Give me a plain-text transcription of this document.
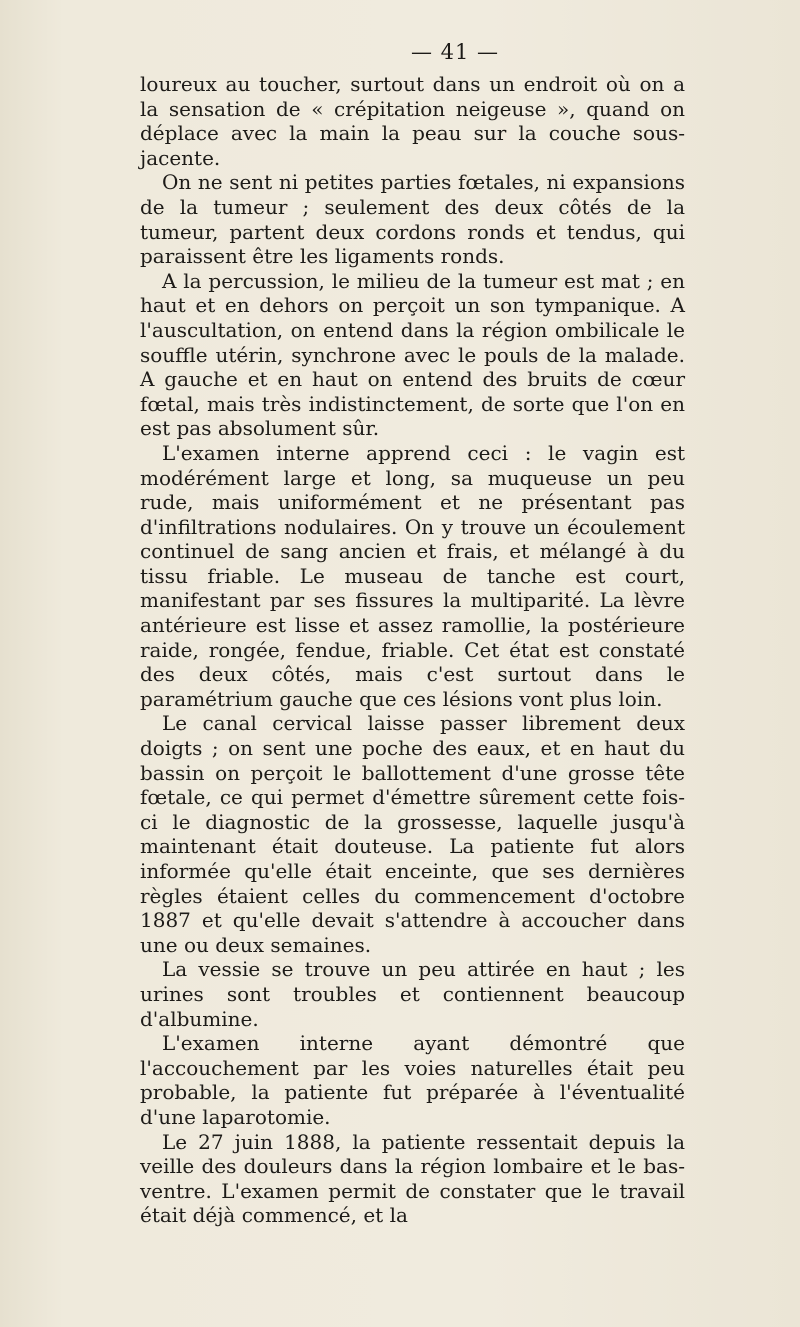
— 41 —

loureux au toucher, surtout dans un endroit où on a la sensation de « crépitation neigeuse », quand on déplace avec la main la peau sur la couche sous-jacente.

On ne sent ni petites parties fœtales, ni expansions de la tumeur ; seulement des deux côtés de la tumeur, partent deux cordons ronds et tendus, qui paraissent être les ligaments ronds.

A la percussion, le milieu de la tumeur est mat ; en haut et en dehors on perçoit un son tympanique. A l'auscultation, on entend dans la région ombilicale le souffle utérin, synchrone avec le pouls de la malade. A gauche et en haut on entend des bruits de cœur fœtal, mais très indistinctement, de sorte que l'on en est pas absolument sûr.

L'examen interne apprend ceci : le vagin est modérément large et long, sa muqueuse un peu rude, mais uniformément et ne présentant pas d'infiltrations nodulaires. On y trouve un écoulement continuel de sang ancien et frais, et mélangé à du tissu friable. Le museau de tanche est court, manifestant par ses fissures la multiparité. La lèvre antérieure est lisse et assez ramollie, la postérieure raide, rongée, fendue, friable. Cet état est constaté des deux côtés, mais c'est surtout dans le paramétrium gauche que ces lésions vont plus loin.

Le canal cervical laisse passer librement deux doigts ; on sent une poche des eaux, et en haut du bassin on perçoit le ballottement d'une grosse tête fœtale, ce qui permet d'émettre sûrement cette fois-ci le diagnostic de la grossesse, laquelle jusqu'à maintenant était douteuse. La patiente fut alors informée qu'elle était enceinte, que ses dernières règles étaient celles du commencement d'octobre 1887 et qu'elle devait s'attendre à accoucher dans une ou deux semaines.

La vessie se trouve un peu attirée en haut ; les urines sont troubles et contiennent beaucoup d'albumine.

L'examen interne ayant démontré que l'accouchement par les voies naturelles était peu probable, la patiente fut préparée à l'éventualité d'une laparotomie.

Le 27 juin 1888, la patiente ressentait depuis la veille des douleurs dans la région lombaire et le bas-ventre. L'examen permit de constater que le travail était déjà commencé, et la
